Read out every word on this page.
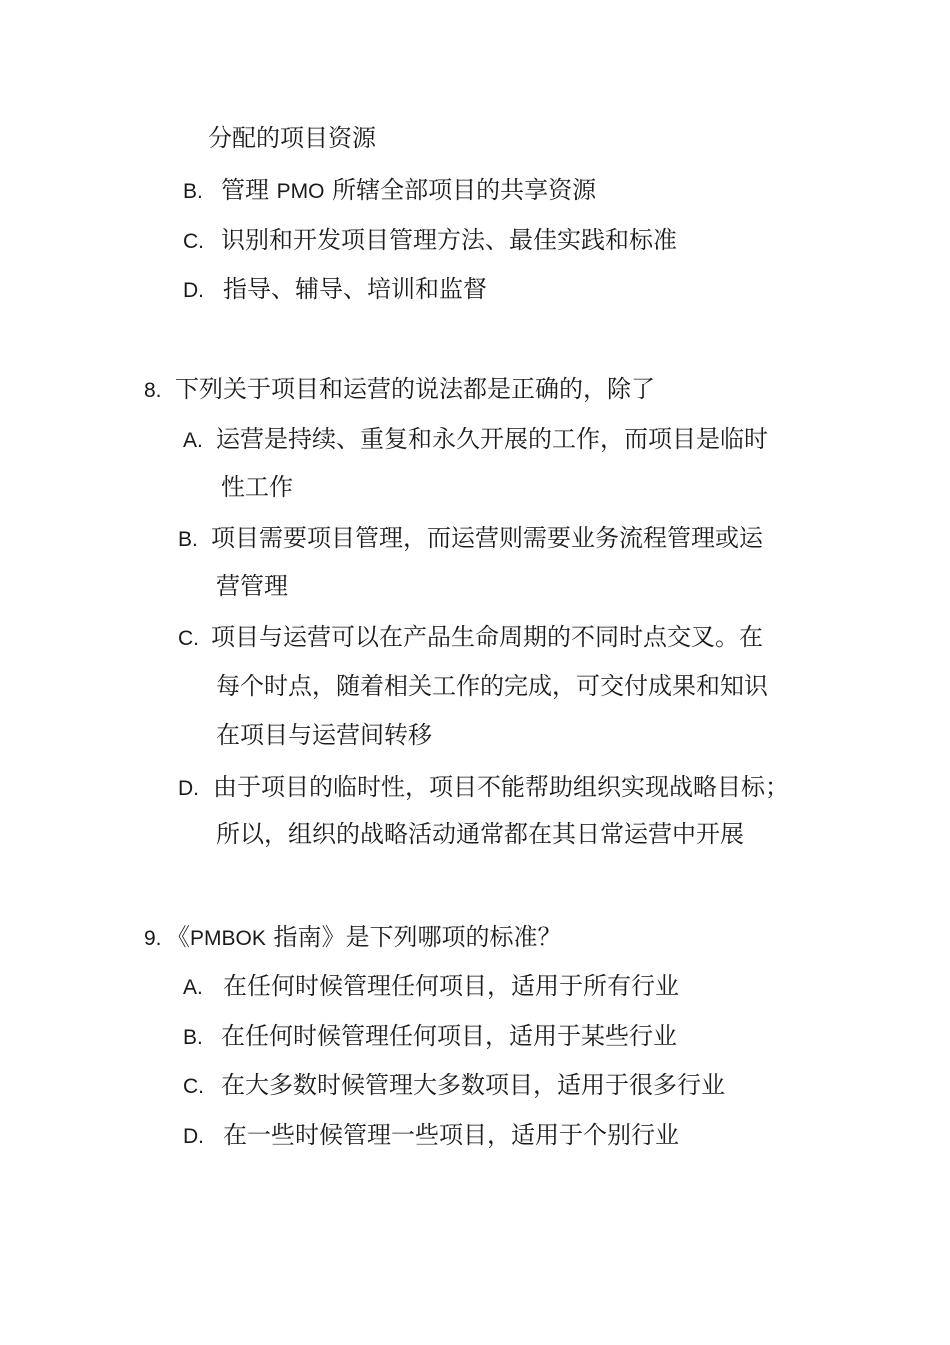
分配的项目资源
B. 管理 PMO 所辖全部项目的共享资源
C. 识别和开发项目管理方法、最佳实践和标准
D. 指导、辅导、培训和监督
8. 下列关于项目和运营的说法都是正确的，除了
A. 运营是持续、重复和永久开展的工作，而项目是临时
性工作
B. 项目需要项目管理，而运营则需要业务流程管理或运
营管理
C. 项目与运营可以在产品生命周期的不同时点交叉。在
每个时点，随着相关工作的完成，可交付成果和知识
在项目与运营间转移
D. 由于项目的临时性，项目不能帮助组织实现战略目标；
所以，组织的战略活动通常都在其日常运营中开展
9. 《PMBOK 指南》是下列哪项的标准？
A. 在任何时候管理任何项目，适用于所有行业
B. 在任何时候管理任何项目，适用于某些行业
C. 在大多数时候管理大多数项目，适用于很多行业
D. 在一些时候管理一些项目，适用于个别行业
